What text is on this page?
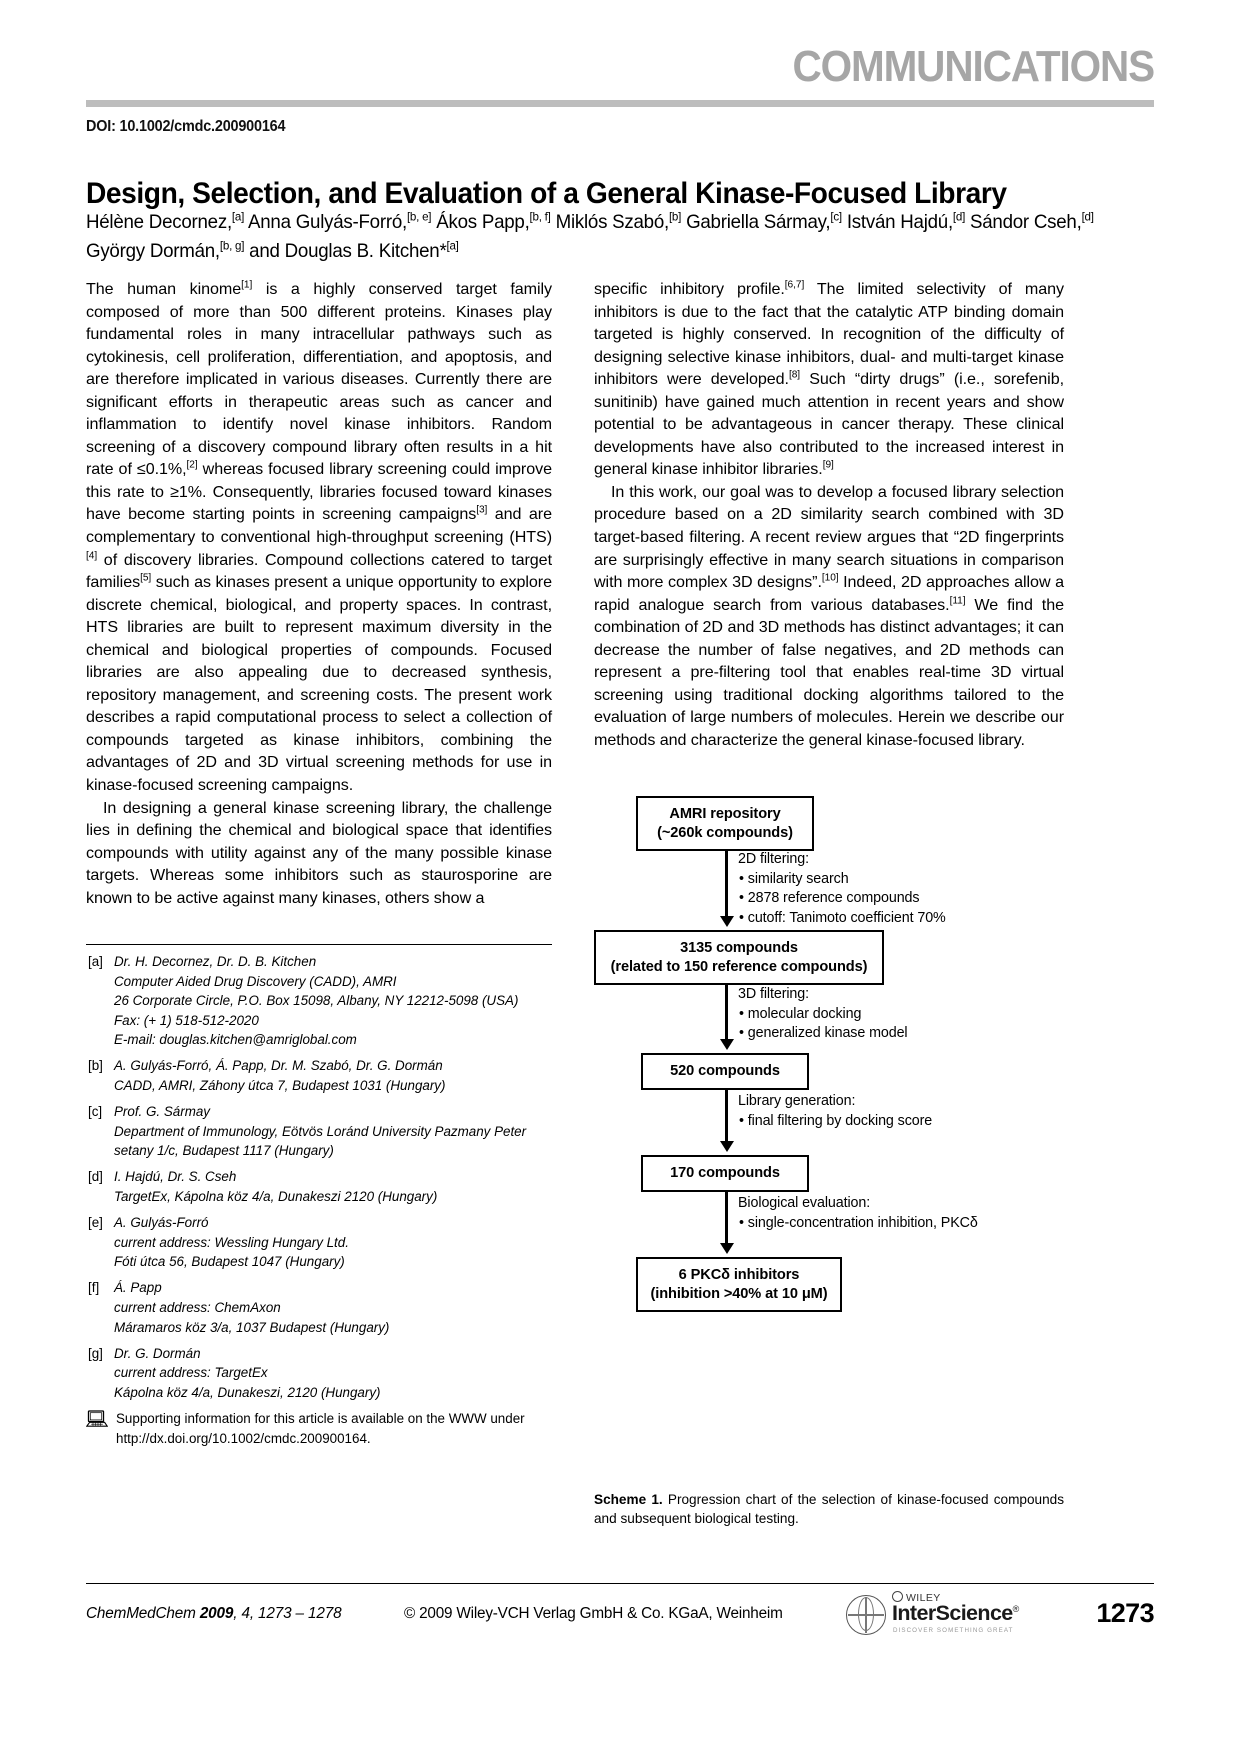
COMMUNICATIONS
DOI: 10.1002/cmdc.200900164
Design, Selection, and Evaluation of a General Kinase-Focused Library
Hélène Decornez,[a] Anna Gulyás-Forró,[b, e] Ákos Papp,[b, f] Miklós Szabó,[b] Gabriella Sármay,[c] István Hajdú,[d] Sándor Cseh,[d] György Dormán,[b, g] and Douglas B. Kitchen*[a]

The human kinome[1] is a highly conserved target family composed of more than 500 different proteins. Kinases play fundamental roles in many intracellular pathways such as cytokinesis, cell proliferation, differentiation, and apoptosis, and are therefore implicated in various diseases. Currently there are significant efforts in therapeutic areas such as cancer and inflammation to identify novel kinase inhibitors. Random screening of a discovery compound library often results in a hit rate of ≤0.1%,[2] whereas focused library screening could improve this rate to ≥1%. Consequently, libraries focused toward kinases have become starting points in screening campaigns[3] and are complementary to conventional high-throughput screening (HTS)[4] of discovery libraries. Compound collections catered to target families[5] such as kinases present a unique opportunity to explore discrete chemical, biological, and property spaces. In contrast, HTS libraries are built to represent maximum diversity in the chemical and biological properties of compounds. Focused libraries are also appealing due to decreased synthesis, repository management, and screening costs. The present work describes a rapid computational process to select a collection of compounds targeted as kinase inhibitors, combining the advantages of 2D and 3D virtual screening methods for use in kinase-focused screening campaigns.

In designing a general kinase screening library, the challenge lies in defining the chemical and biological space that identifies compounds with utility against any of the many possible kinase targets. Whereas some inhibitors such as staurosporine are known to be active against many kinases, others show a

specific inhibitory profile.[6,7] The limited selectivity of many inhibitors is due to the fact that the catalytic ATP binding domain targeted is highly conserved. In recognition of the difficulty of designing selective kinase inhibitors, dual- and multi-target kinase inhibitors were developed.[8] Such “dirty drugs” (i.e., sorefenib, sunitinib) have gained much attention in recent years and show potential to be advantageous in cancer therapy. These clinical developments have also contributed to the increased interest in general kinase inhibitor libraries.[9]

In this work, our goal was to develop a focused library selection procedure based on a 2D similarity search combined with 3D target-based filtering. A recent review argues that “2D fingerprints are surprisingly effective in many search situations in comparison with more complex 3D designs”.[10] Indeed, 2D approaches allow a rapid analogue search from various databases.[11] We find the combination of 2D and 3D methods has distinct advantages; it can decrease the number of false negatives, and 2D methods can represent a pre-filtering tool that enables real-time 3D virtual screening using traditional docking algorithms tailored to the evaluation of large numbers of molecules. Herein we describe our methods and characterize the general kinase-focused library.

[a] Dr. H. Decornez, Dr. D. B. Kitchen
Computer Aided Drug Discovery (CADD), AMRI
26 Corporate Circle, P.O. Box 15098, Albany, NY 12212-5098 (USA)
Fax: (+ 1) 518-512-2020
E-mail: douglas.kitchen@amriglobal.com
[b] A. Gulyás-Forró, Á. Papp, Dr. M. Szabó, Dr. G. Dormán
CADD, AMRI, Záhony útca 7, Budapest 1031 (Hungary)
[c] Prof. G. Sármay
Department of Immunology, Eötvös Loránd University Pazmany Peter
setany 1/c, Budapest 1117 (Hungary)
[d] I. Hajdú, Dr. S. Cseh
TargetEx, Kápolna köz 4/a, Dunakeszi 2120 (Hungary)
[e] A. Gulyás-Forró
current address: Wessling Hungary Ltd.
Fóti útca 56, Budapest 1047 (Hungary)
[f]	Á. Papp
current address: ChemAxon
Máramaros köz 3/a, 1037 Budapest (Hungary)
[g] Dr. G. Dormán
current address: TargetEx
Kápolna köz 4/a, Dunakeszi, 2120 (Hungary)
Supporting information for this article is available on the WWW under
http://dx.doi.org/10.1002/cmdc.200900164.
AMRI repository
(~260k compounds)
2D filtering:
• similarity search
• 2878 reference compounds
• cutoff: Tanimoto coefficient 70%
3135 compounds
(related to 150 reference compounds)
3D filtering:
• molecular docking
• generalized kinase model
520 compounds
Library generation:
• final filtering by docking score
170 compounds
Biological evaluation:
• single-concentration inhibition, PKCδ
6 PKCδ inhibitors
(inhibition >40% at 10 μM)
Scheme 1. Progression chart of the selection of kinase-focused compounds and subsequent biological testing.
ChemMedChem 2009, 4, 1273 – 1278	© 2009 Wiley-VCH Verlag GmbH & Co. KGaA, Weinheim
WILEY
InterScience®
DISCOVER SOMETHING GREAT
1273
